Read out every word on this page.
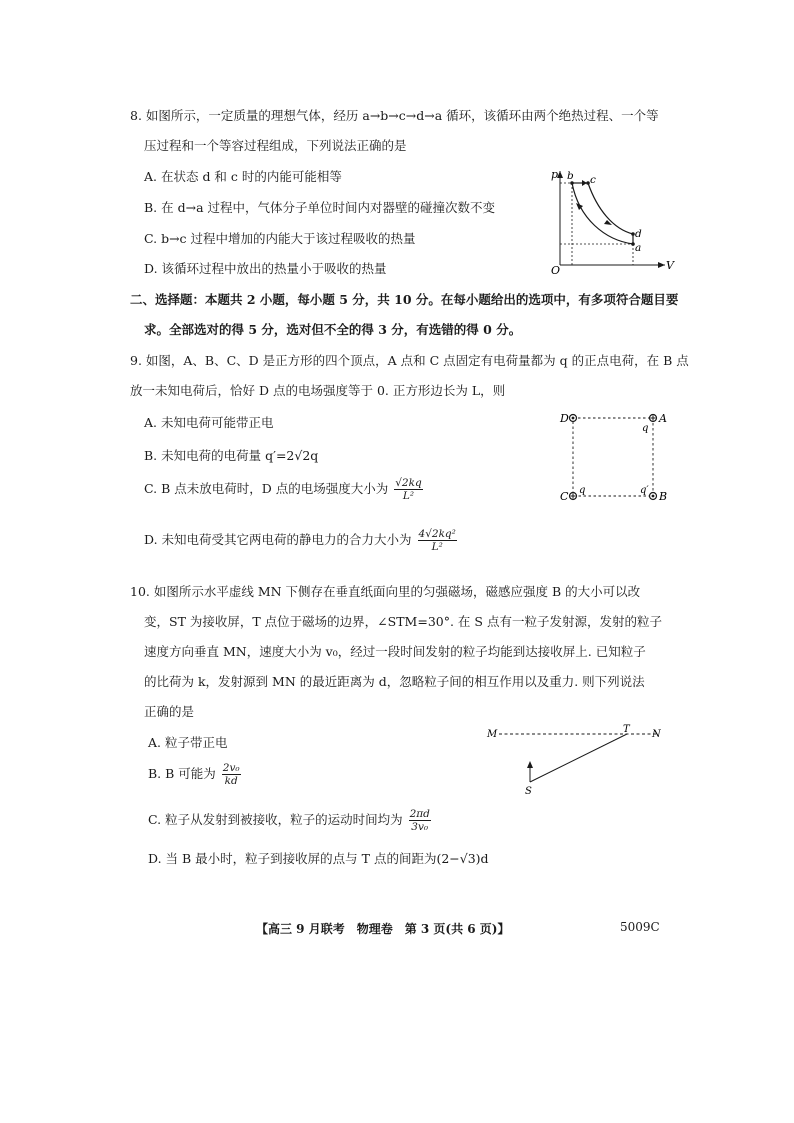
8. 如图所示，一定质量的理想气体，经历 a→b→c→d→a 循环，该循环由两个绝热过程、一个等
压过程和一个等容过程组成，下列说法正确的是
A. 在状态 d 和 c 时的内能可能相等
B. 在 d→a 过程中，气体分子单位时间内对器壁的碰撞次数不变
C. b→c 过程中增加的内能大于该过程吸收的热量
D. 该循环过程中放出的热量小于吸收的热量
p
V
O
b c
d
a
二、选择题：本题共 2 小题，每小题 5 分，共 10 分。在每小题给出的选项中，有多项符合题目要
求。全部选对的得 5 分，选对但不全的得 3 分，有选错的得 0 分。
9. 如图，A、B、C、D 是正方形的四个顶点，A 点和 C 点固定有电荷量都为 q 的正点电荷，在 B 点
放一未知电荷后，恰好 D 点的电场强度等于 0. 正方形边长为 L，则
A. 未知电荷可能带正电
B. 未知电荷的电荷量 q′=2√2q
C. B 点未放电荷时，D 点的电场强度大小为 $\frac{√2kq}{\text{L²}}$
D. 未知电荷受其它两电荷的静电力的合力大小为 $\frac{\text{4√2kq²}}{\text{L²}}$
D	A
C	B
q
q	q′
10. 如图所示水平虚线 MN 下侧存在垂直纸面向里的匀强磁场，磁感应强度 B 的大小可以改
变，ST 为接收屏，T 点位于磁场的边界，∠STM=30°. 在 S 点有一粒子发射源，发射的粒子
速度方向垂直 MN，速度大小为 v₀，经过一段时间发射的粒子均能到达接收屏上. 已知粒子
的比荷为 k，发射源到 MN 的最近距离为 d，忽略粒子间的相互作用以及重力. 则下列说法
正确的是
A. 粒子带正电
B. B 可能为 $\frac{\text{2v₀}}{kd}$
C. 粒子从发射到被接收，粒子的运动时间均为 $\frac{2\pi d}{\text{3v₀}}$
D. 当 B 最小时，粒子到接收屏的点与 T 点的间距为(2−√3)d
M	N
T
S
【高三 9 月联考　物理卷　第 3 页(共 6 页)】	5009C
